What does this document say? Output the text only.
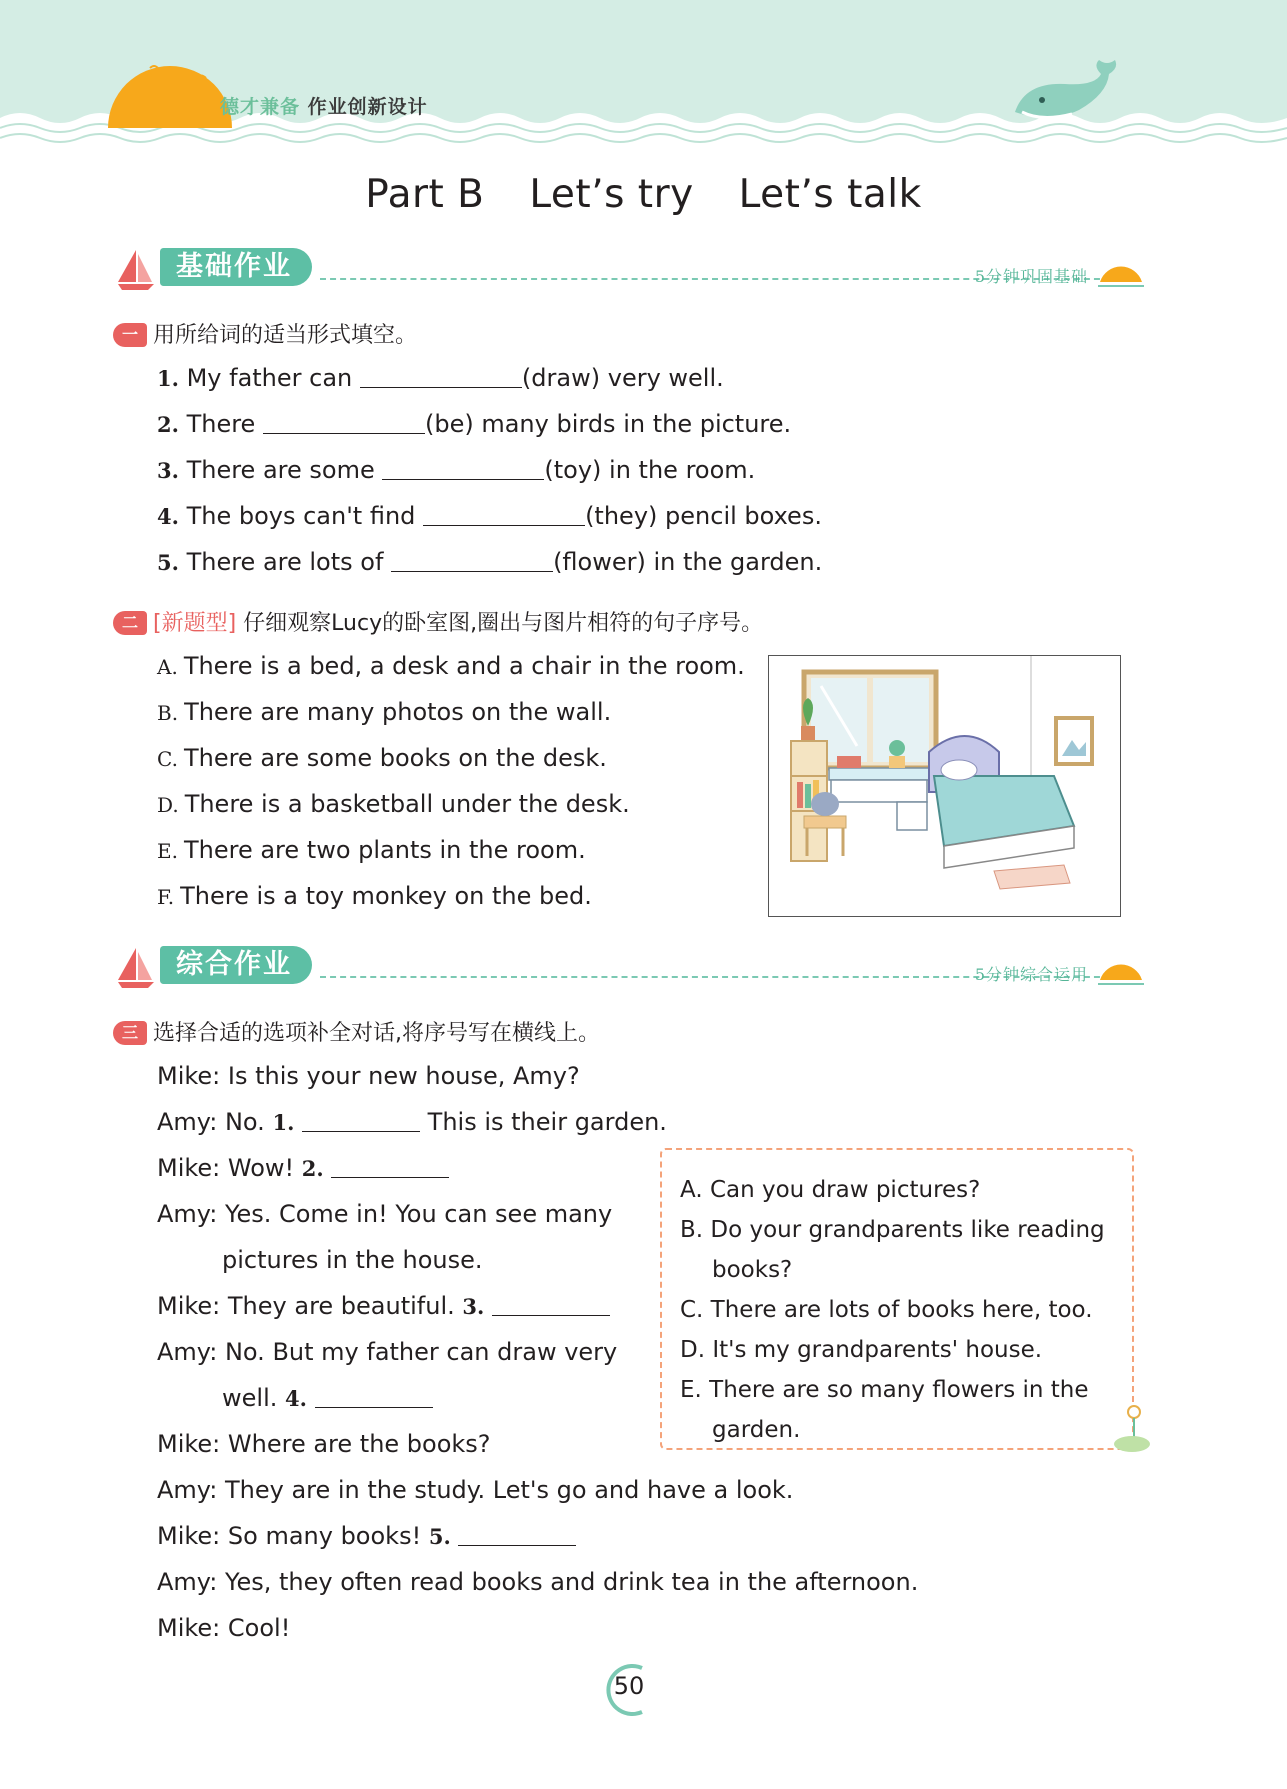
德才兼备 作业创新设计
Part B Let’s try Let’s talk
基础作业	5分钟巩固基础
一 用所给词的适当形式填空。
1. My father can	(draw) very well.
2. There	(be) many birds in the picture.
3. There are some	(toy) in the room.
4. The boys can't find	(they) pencil boxes.
5. There are lots of	(flower) in the garden.
二 [新题型] 仔细观察Lucy的卧室图,圈出与图片相符的句子序号。
A. There is a bed, a desk and a chair in the room.
B. There are many photos on the wall.
C. There are some books on the desk.
D. There is a basketball under the desk.
E. There are two plants in the room.
F. There is a toy monkey on the bed.
综合作业	5分钟综合运用
三 选择合适的选项补全对话,将序号写在横线上。
Mike: Is this your new house, Amy?
Amy: No. 1.	This is their garden.
Mike: Wow! 2.
Amy: Yes. Come in! You can see many
pictures in the house.
Mike: They are beautiful. 3.
Amy: No. But my father can draw very
well. 4.
Mike: Where are the books?
Amy: They are in the study. Let's go and have a look.
Mike: So many books! 5.
Amy: Yes, they often read books and drink tea in the afternoon.
Mike: Cool!
A. Can you draw pictures?
B. Do your grandparents like reading
books?
C. There are lots of books here, too.
D. It's my grandparents' house.
E. There are so many flowers in the
garden.
50
